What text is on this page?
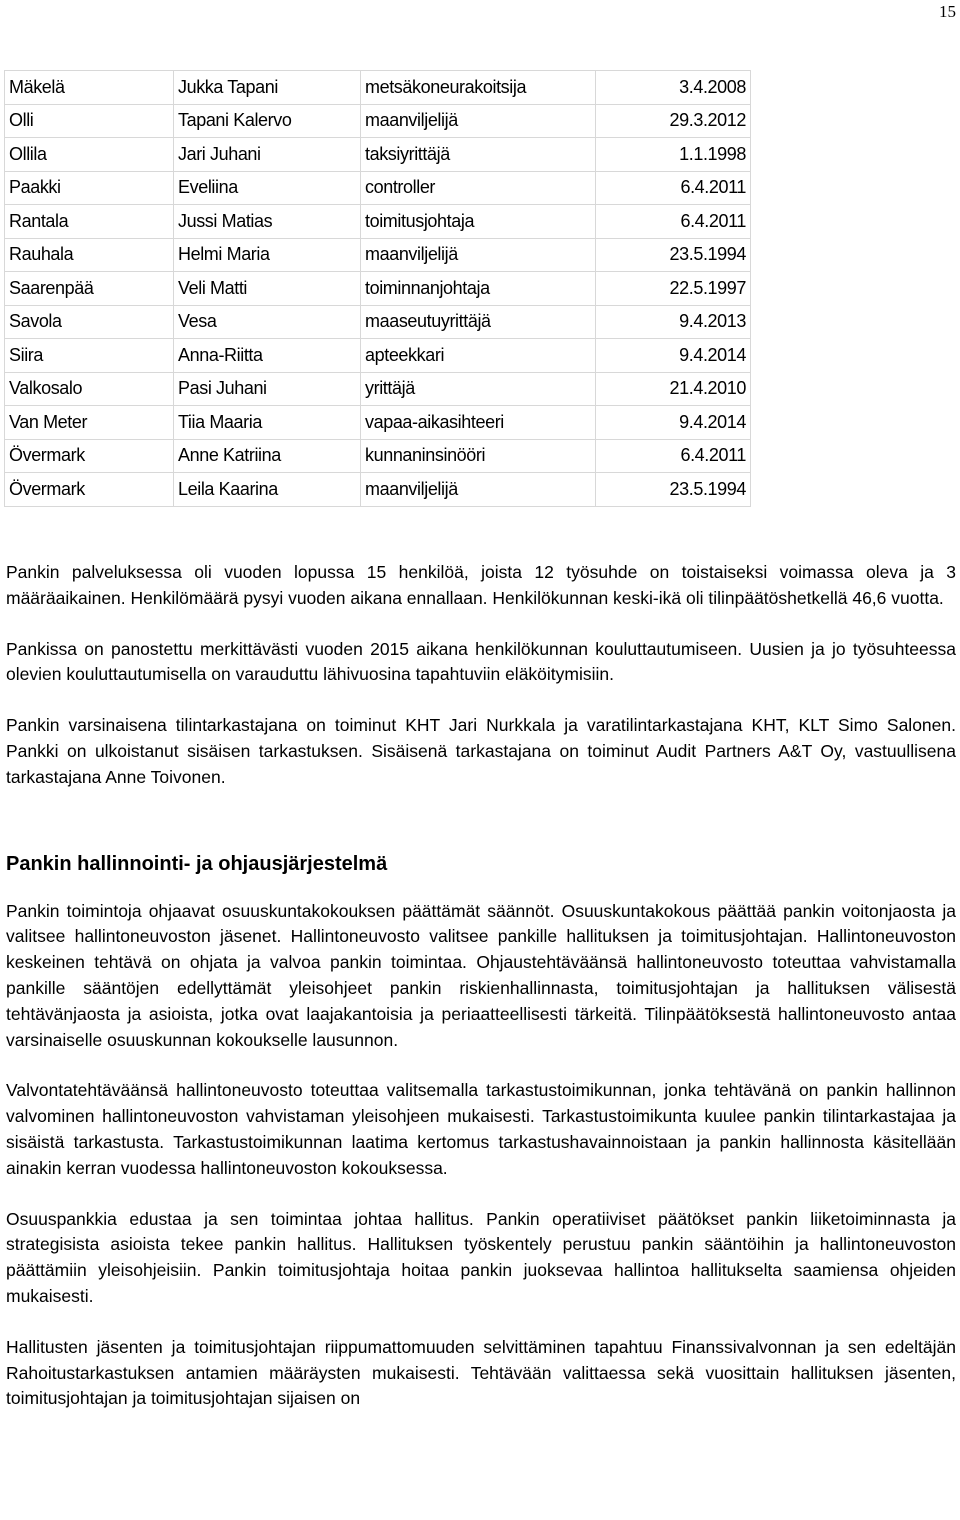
15
Mäkelä	Jukka Tapani	metsäkoneurakoitsija	3.4.2008
Olli	Tapani Kalervo	maanviljelijä	29.3.2012
Ollila	Jari Juhani	taksiyrittäjä	1.1.1998
Paakki	Eveliina	controller	6.4.2011
Rantala	Jussi Matias	toimitusjohtaja	6.4.2011
Rauhala	Helmi Maria	maanviljelijä	23.5.1994
Saarenpää	Veli Matti	toiminnanjohtaja	22.5.1997
Savola	Vesa	maaseutuyrittäjä	9.4.2013
Siira	Anna-Riitta	apteekkari	9.4.2014
Valkosalo	Pasi Juhani	yrittäjä	21.4.2010
Van Meter	Tiia Maaria	vapaa-aikasihteeri	9.4.2014
Övermark	Anne Katriina	kunnaninsinööri	6.4.2011
Övermark	Leila Kaarina	maanviljelijä	23.5.1994

Pankin palveluksessa oli vuoden lopussa 15 henkilöä, joista 12 työsuhde on toistaiseksi voimassa oleva ja 3 määräaikainen. Henkilömäärä pysyi vuoden aikana ennallaan. Henkilökunnan keski-ikä oli tilinpäätöshetkellä 46,6 vuotta.

Pankissa on panostettu merkittävästi vuoden 2015 aikana henkilökunnan kouluttautumiseen. Uusien ja jo työsuhteessa olevien kouluttautumisella on varauduttu lähivuosina tapahtuviin eläköitymisiin.

Pankin varsinaisena tilintarkastajana on toiminut KHT Jari Nurkkala ja varatilintarkastajana KHT, KLT Simo Salonen. Pankki on ulkoistanut sisäisen tarkastuksen. Sisäisenä tarkastajana on toiminut Audit Partners A&T Oy, vastuullisena tarkastajana Anne Toivonen.

Pankin hallinnointi- ja ohjausjärjestelmä

Pankin toimintoja ohjaavat osuuskuntakokouksen päättämät säännöt. Osuuskuntakokous päättää pankin voitonjaosta ja valitsee hallintoneuvoston jäsenet. Hallintoneuvosto valitsee pankille hallituksen ja toimitusjohtajan. Hallintoneuvoston keskeinen tehtävä on ohjata ja valvoa pankin toimintaa. Ohjaustehtäväänsä hallintoneuvosto toteuttaa vahvistamalla pankille sääntöjen edellyttämät yleisohjeet pankin riskienhallinnasta, toimitusjohtajan ja hallituksen välisestä tehtävänjaosta ja asioista, jotka ovat laajakantoisia ja periaatteellisesti tärkeitä. Tilinpäätöksestä hallintoneuvosto antaa varsinaiselle osuuskunnan kokoukselle lausunnon.

Valvontatehtäväänsä hallintoneuvosto toteuttaa valitsemalla tarkastustoimikunnan, jonka tehtävänä on pankin hallinnon valvominen hallintoneuvoston vahvistaman yleisohjeen mukaisesti. Tarkastustoimikunta kuulee pankin tilintarkastajaa ja sisäistä tarkastusta. Tarkastustoimikunnan laatima kertomus tarkastushavainnoistaan ja pankin hallinnosta käsitellään ainakin kerran vuodessa hallintoneuvoston kokouksessa.

Osuuspankkia edustaa ja sen toimintaa johtaa hallitus. Pankin operatiiviset päätökset pankin liiketoiminnasta ja strategisista asioista tekee pankin hallitus. Hallituksen työskentely perustuu pankin sääntöihin ja hallintoneuvoston päättämiin yleisohjeisiin. Pankin toimitusjohtaja hoitaa pankin juoksevaa hallintoa hallitukselta saamiensa ohjeiden mukaisesti.

Hallitusten jäsenten ja toimitusjohtajan riippumattomuuden selvittäminen tapahtuu Finanssivalvonnan ja sen edeltäjän Rahoitustarkastuksen antamien määräysten mukaisesti. Tehtävään valittaessa sekä vuosittain hallituksen jäsenten, toimitusjohtajan ja toimitusjohtajan sijaisen on
